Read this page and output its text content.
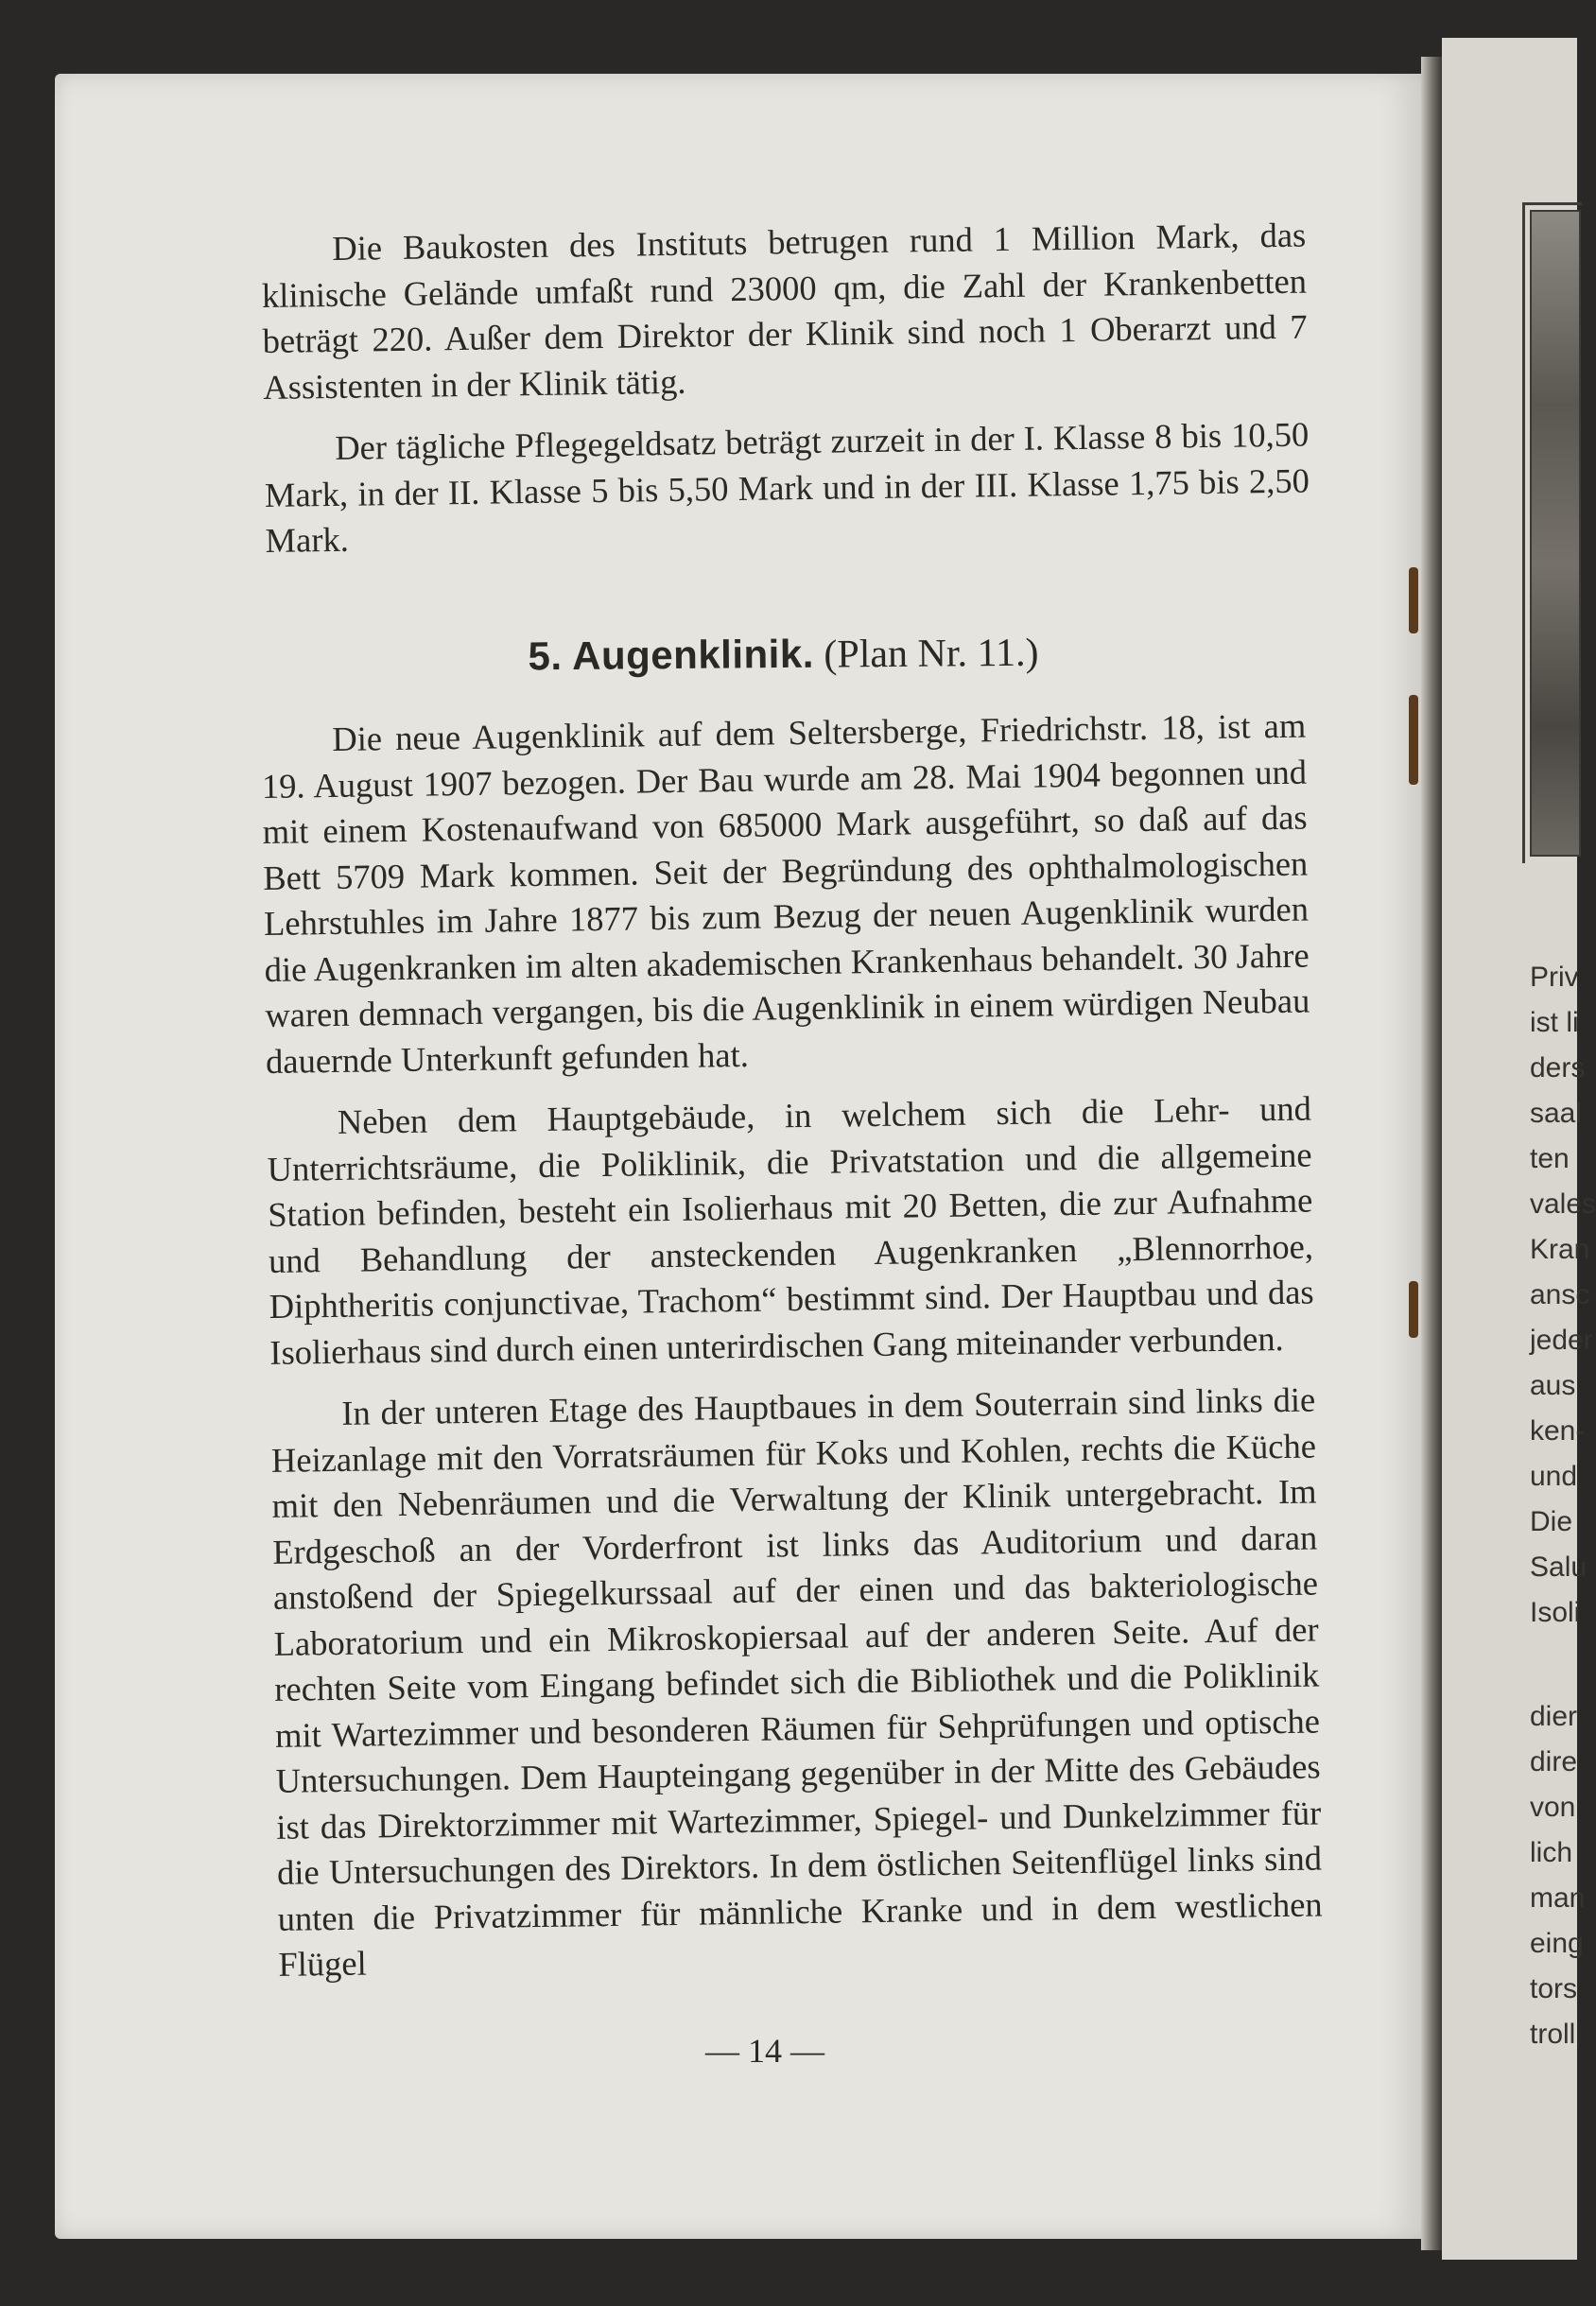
Die Baukosten des Instituts betrugen rund 1 Million Mark, das klinische Gelände umfaßt rund 23000 qm, die Zahl der Krankenbetten beträgt 220. Außer dem Direktor der Klinik sind noch 1 Oberarzt und 7 Assistenten in der Klinik tätig.

Der tägliche Pflegegeldsatz beträgt zurzeit in der I. Klasse 8 bis 10,50 Mark, in der II. Klasse 5 bis 5,50 Mark und in der III. Klasse 1,75 bis 2,50 Mark.

5. Augenklinik. (Plan Nr. 11.)

Die neue Augenklinik auf dem Seltersberge, Friedrichstr. 18, ist am 19. August 1907 bezogen. Der Bau wurde am 28. Mai 1904 begonnen und mit einem Kostenaufwand von 685000 Mark ausgeführt, so daß auf das Bett 5709 Mark kommen. Seit der Begründung des ophthalmologischen Lehrstuhles im Jahre 1877 bis zum Bezug der neuen Augenklinik wurden die Augenkranken im alten akademischen Krankenhaus behandelt. 30 Jahre waren demnach vergangen, bis die Augenklinik in einem würdigen Neubau dauernde Unterkunft gefunden hat.

Neben dem Hauptgebäude, in welchem sich die Lehr- und Unterrichtsräume, die Poliklinik, die Privatstation und die allgemeine Station befinden, besteht ein Isolierhaus mit 20 Betten, die zur Aufnahme und Behandlung der ansteckenden Augenkranken „Blennorrhoe, Diphtheritis conjunctivae, Trachom“ bestimmt sind. Der Hauptbau und das Isolierhaus sind durch einen unterirdischen Gang miteinander verbunden.

In der unteren Etage des Hauptbaues in dem Souterrain sind links die Heizanlage mit den Vorratsräumen für Koks und Kohlen, rechts die Küche mit den Nebenräumen und die Verwaltung der Klinik untergebracht. Im Erdgeschoß an der Vorderfront ist links das Auditorium und daran anstoßend der Spiegelkurssaal auf der einen und das bakteriologische Laboratorium und ein Mikroskopiersaal auf der anderen Seite. Auf der rechten Seite vom Eingang befindet sich die Bibliothek und die Poliklinik mit Wartezimmer und besonderen Räumen für Sehprüfungen und optische Untersuchungen. Dem Haupteingang gegenüber in der Mitte des Gebäudes ist das Direktorzimmer mit Wartezimmer, Spiegel- und Dunkelzimmer für die Untersuchungen des Direktors. In dem östlichen Seitenflügel links sind unten die Privatzimmer für männliche Kranke und in dem westlichen Flügel

— 14 —
Priv
ist li
ders
saal
ten
vales
Kran
ansc
jeder
aus
ken-
und
Die
Salu
Isoli
dier
dire
von
lich
man
eing
tors
troll
